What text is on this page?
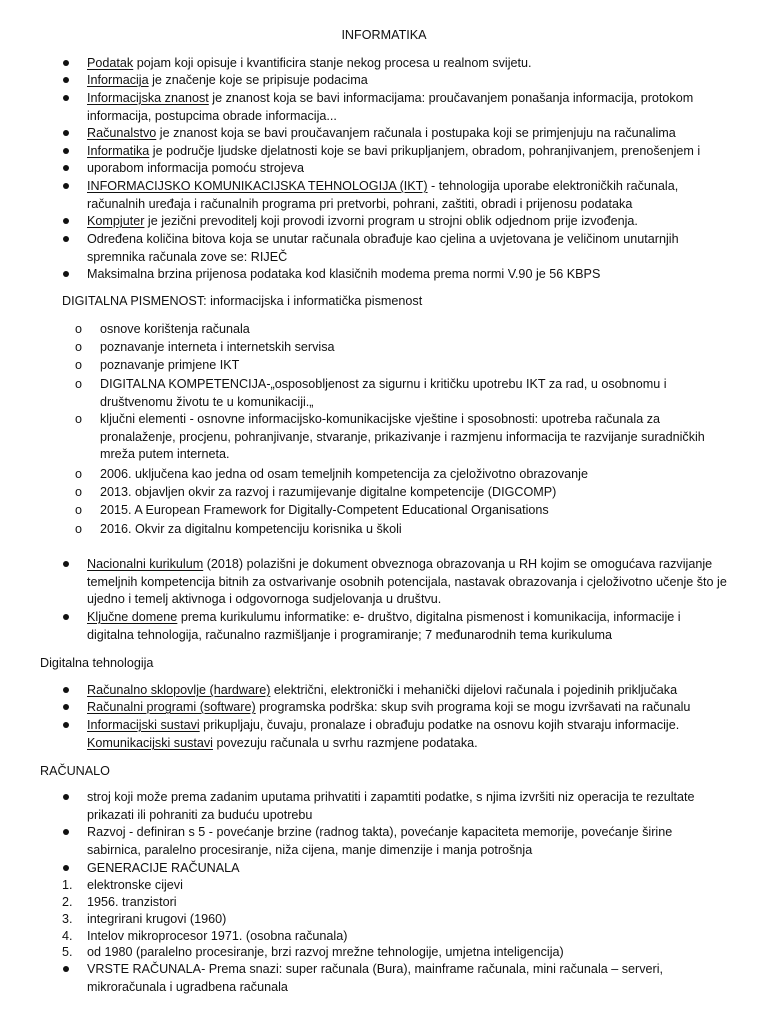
INFORMATIKA
Podatak pojam koji opisuje i kvantificira stanje nekog procesa u realnom svijetu.
Informacija je značenje koje se pripisuje podacima
Informacijska znanost je znanost koja se bavi informacijama: proučavanjem ponašanja informacija, protokom informacija, postupcima obrade informacija...
Računalstvo je znanost koja se bavi proučavanjem računala i postupaka koji se primjenjuju na računalima
Informatika je područje ljudske djelatnosti koje se bavi prikupljanjem, obradom, pohranjivanjem, prenošenjem i
uporabom informacija pomoću strojeva
INFORMACIJSKO KOMUNIKACIJSKA TEHNOLOGIJA (IKT) - tehnologija uporabe elektroničkih računala, računalnih uređaja i računalnih programa pri pretvorbi, pohrani, zaštiti, obradi i prijenosu podataka
Kompjuter je jezični prevoditelj koji provodi izvorni program u strojni oblik odjednom prije izvođenja.
Određena količina bitova koja se unutar računala obrađuje kao cjelina a uvjetovana je veličinom unutarnjih spremnika računala zove se: RIJEČ
Maksimalna brzina prijenosa podataka kod klasičnih modema prema normi V.90 je 56 KBPS
DIGITALNA PISMENOST: informacijska i informatička pismenost
o osnove korištenja računala
o poznavanje interneta i internetskih servisa
o poznavanje primjene IKT
o DIGITALNA KOMPETENCIJA-„osposobljenost za sigurnu i kritičku upotrebu IKT za rad, u osobnomu i društvenomu životu te u komunikaciji.„
o ključni elementi - osnovne informacijsko-komunikacijske vještine i sposobnosti: upotreba računala za pronalaženje, procjenu, pohranjivanje, stvaranje, prikazivanje i razmjenu informacija te razvijanje suradničkih mreža putem interneta.
o 2006. uključena kao jedna od osam temeljnih kompetencija za cjeloživotno obrazovanje
o 2013. objavljen okvir za razvoj i razumijevanje digitalne kompetencije (DIGCOMP)
o 2015. A European Framework for Digitally-Competent Educational Organisations
o 2016. Okvir za digitalnu kompetenciju korisnika u školi
Nacionalni kurikulum (2018) polazišni je dokument obveznoga obrazovanja u RH kojim se omogućava razvijanje temeljnih kompetencija bitnih za ostvarivanje osobnih potencijala, nastavak obrazovanja i cjeloživotno učenje što je ujedno i temelj aktivnoga i odgovornoga sudjelovanja u društvu.
Ključne domene prema kurikulumu informatike: e- društvo, digitalna pismenost i komunikacija, informacije i digitalna tehnologija, računalno razmišljanje i programiranje; 7 međunarodnih tema kurikuluma
Digitalna tehnologija
Računalno sklopovlje (hardware) električni, elektronički i mehanički dijelovi računala i pojedinih priključaka
Računalni programi (software) programska podrška: skup svih programa koji se mogu izvršavati na računalu
Informacijski sustavi prikupljaju, čuvaju, pronalaze i obrađuju podatke na osnovu kojih stvaraju informacije.
Komunikacijski sustavi povezuju računala u svrhu razmjene podataka.
RAČUNALO
stroj koji može prema zadanim uputama prihvatiti i zapamtiti podatke, s njima izvršiti niz operacija te rezultate prikazati ili pohraniti za buduću upotrebu
Razvoj - definiran s 5 - povećanje brzine (radnog takta), povećanje kapaciteta memorije, povećanje širine sabirnica, paralelno procesiranje, niža cijena, manje dimenzije i manja potrošnja
GENERACIJE RAČUNALA
1. elektronske cijevi
2. 1956. tranzistori
3. integrirani krugovi (1960)
4. Intelov mikroprocesor 1971. (osobna računala)
5. od 1980 (paralelno procesiranje, brzi razvoj mrežne tehnologije, umjetna inteligencija)
VRSTE RAČUNALA- Prema snazi: super računala (Bura), mainframe računala, mini računala – serveri, mikroračunala i ugradbena računala
